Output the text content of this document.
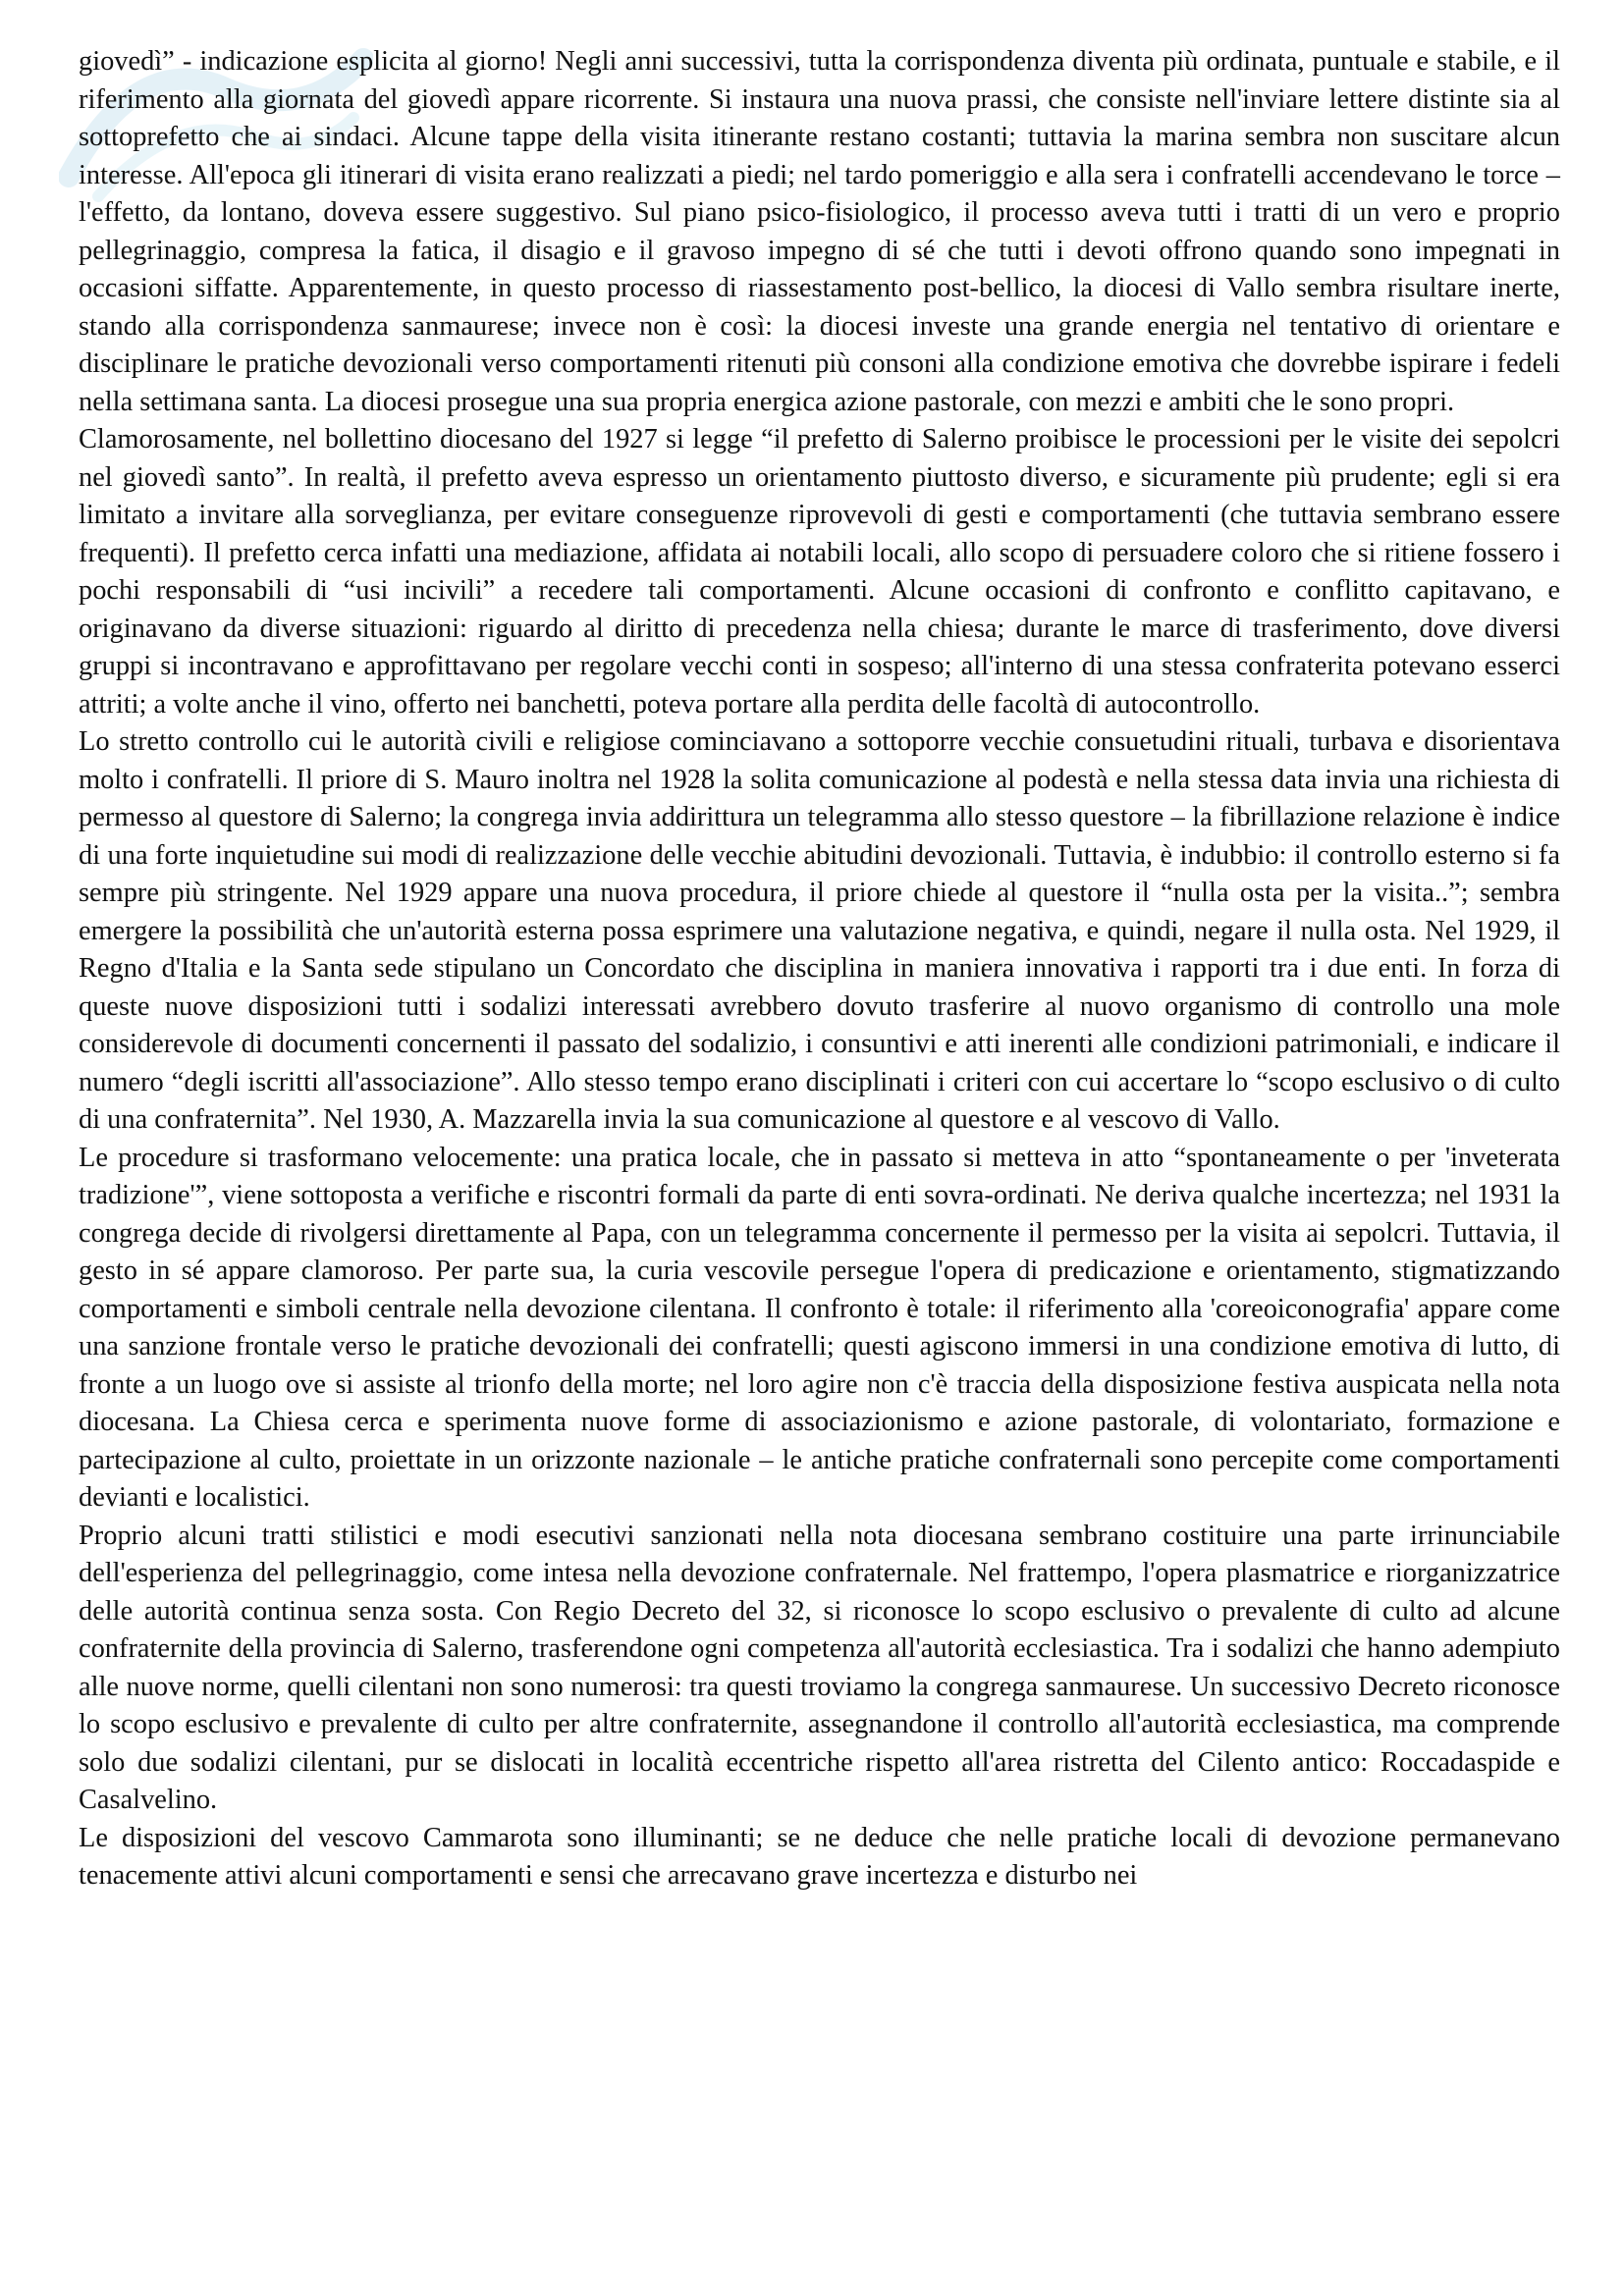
giovedì” - indicazione esplicita al giorno! Negli anni successivi, tutta la corrispondenza diventa più ordinata, puntuale e stabile, e il riferimento alla giornata del giovedì appare ricorrente. Si instaura una nuova prassi, che consiste nell'inviare lettere distinte sia al sottoprefetto che ai sindaci. Alcune tappe della visita itinerante restano costanti; tuttavia la marina sembra non suscitare alcun interesse. All'epoca gli itinerari di visita erano realizzati a piedi; nel tardo pomeriggio e alla sera i confratelli accendevano le torce – l'effetto, da lontano, doveva essere suggestivo. Sul piano psico-fisiologico, il processo aveva tutti i tratti di un vero e proprio pellegrinaggio, compresa la fatica, il disagio e il gravoso impegno di sé che tutti i devoti offrono quando sono impegnati in occasioni siffatte. Apparentemente, in questo processo di riassestamento post-bellico, la diocesi di Vallo sembra risultare inerte, stando alla corrispondenza sanmaurese; invece non è così: la diocesi investe una grande energia nel tentativo di orientare e disciplinare le pratiche devozionali verso comportamenti ritenuti più consoni alla condizione emotiva che dovrebbe ispirare i fedeli nella settimana santa. La diocesi prosegue una sua propria energica azione pastorale, con mezzi e ambiti che le sono propri.

Clamorosamente, nel bollettino diocesano del 1927 si legge “il prefetto di Salerno proibisce le processioni per le visite dei sepolcri nel giovedì santo”. In realtà, il prefetto aveva espresso un orientamento piuttosto diverso, e sicuramente più prudente; egli si era limitato a invitare alla sorveglianza, per evitare conseguenze riprovevoli di gesti e comportamenti (che tuttavia sembrano essere frequenti). Il prefetto cerca infatti una mediazione, affidata ai notabili locali, allo scopo di persuadere coloro che si ritiene fossero i pochi responsabili di “usi incivili” a recedere tali comportamenti. Alcune occasioni di confronto e conflitto capitavano, e originavano da diverse situazioni: riguardo al diritto di precedenza nella chiesa; durante le marce di trasferimento, dove diversi gruppi si incontravano e approfittavano per regolare vecchi conti in sospeso; all'interno di una stessa confraterita potevano esserci attriti; a volte anche il vino, offerto nei banchetti, poteva portare alla perdita delle facoltà di autocontrollo.

Lo stretto controllo cui le autorità civili e religiose cominciavano a sottoporre vecchie consuetudini rituali, turbava e disorientava molto i confratelli. Il priore di S. Mauro inoltra nel 1928 la solita comunicazione al podestà e nella stessa data invia una richiesta di permesso al questore di Salerno; la congrega invia addirittura un telegramma allo stesso questore – la fibrillazione relazione è indice di una forte inquietudine sui modi di realizzazione delle vecchie abitudini devozionali. Tuttavia, è indubbio: il controllo esterno si fa sempre più stringente. Nel 1929 appare una nuova procedura, il priore chiede al questore il “nulla osta per la visita..”; sembra emergere la possibilità che un'autorità esterna possa esprimere una valutazione negativa, e quindi, negare il nulla osta. Nel 1929, il Regno d'Italia e la Santa sede stipulano un Concordato che disciplina in maniera innovativa i rapporti tra i due enti. In forza di queste nuove disposizioni tutti i sodalizi interessati avrebbero dovuto trasferire al nuovo organismo di controllo una mole considerevole di documenti concernenti il passato del sodalizio, i consuntivi e atti inerenti alle condizioni patrimoniali, e indicare il numero “degli iscritti all'associazione”. Allo stesso tempo erano disciplinati i criteri con cui accertare lo “scopo esclusivo o di culto di una confraternita”. Nel 1930, A. Mazzarella invia la sua comunicazione al questore e al vescovo di Vallo.

Le procedure si trasformano velocemente: una pratica locale, che in passato si metteva in atto “spontaneamente o per 'inveterata tradizione'”, viene sottoposta a verifiche e riscontri formali da parte di enti sovra-ordinati. Ne deriva qualche incertezza; nel 1931 la congrega decide di rivolgersi direttamente al Papa, con un telegramma concernente il permesso per la visita ai sepolcri. Tuttavia, il gesto in sé appare clamoroso. Per parte sua, la curia vescovile persegue l'opera di predicazione e orientamento, stigmatizzando comportamenti e simboli centrale nella devozione cilentana. Il confronto è totale: il riferimento alla 'coreoiconografia' appare come una sanzione frontale verso le pratiche devozionali dei confratelli; questi agiscono immersi in una condizione emotiva di lutto, di fronte a un luogo ove si assiste al trionfo della morte; nel loro agire non c'è traccia della disposizione festiva auspicata nella nota diocesana. La Chiesa cerca e sperimenta nuove forme di associazionismo e azione pastorale, di volontariato, formazione e partecipazione al culto, proiettate in un orizzonte nazionale – le antiche pratiche confraternali sono percepite come comportamenti devianti e localistici.

Proprio alcuni tratti stilistici e modi esecutivi sanzionati nella nota diocesana sembrano costituire una parte irrinunciabile dell'esperienza del pellegrinaggio, come intesa nella devozione confraternale. Nel frattempo, l'opera plasmatrice e riorganizzatrice delle autorità continua senza sosta. Con Regio Decreto del 32, si riconosce lo scopo esclusivo o prevalente di culto ad alcune confraternite della provincia di Salerno, trasferendone ogni competenza all'autorità ecclesiastica. Tra i sodalizi che hanno adempiuto alle nuove norme, quelli cilentani non sono numerosi: tra questi troviamo la congrega sanmaurese. Un successivo Decreto riconosce lo scopo esclusivo e prevalente di culto per altre confraternite, assegnandone il controllo all'autorità ecclesiastica, ma comprende solo due sodalizi cilentani, pur se dislocati in località eccentriche rispetto all'area ristretta del Cilento antico: Roccadaspide e Casalvelino.

Le disposizioni del vescovo Cammarota sono illuminanti; se ne deduce che nelle pratiche locali di devozione permanevano tenacemente attivi alcuni comportamenti e sensi che arrecavano grave incertezza e disturbo nei
